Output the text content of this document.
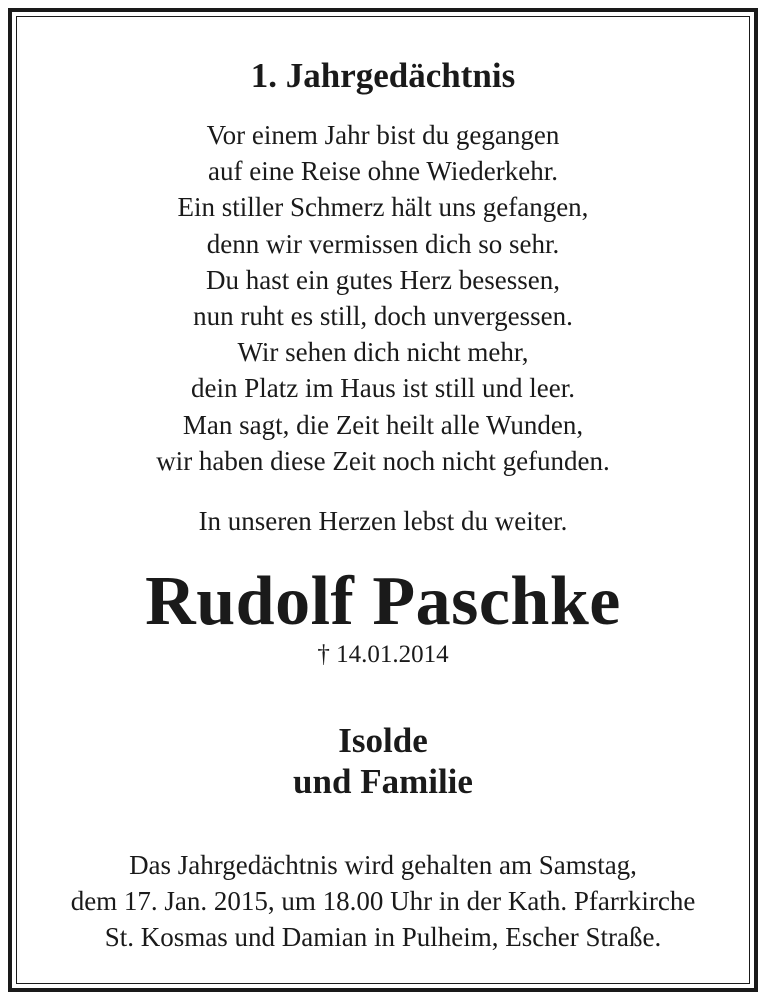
1. Jahrgedächtnis
Vor einem Jahr bist du gegangen
auf eine Reise ohne Wiederkehr.
Ein stiller Schmerz hält uns gefangen,
denn wir vermissen dich so sehr.
Du hast ein gutes Herz besessen,
nun ruht es still, doch unvergessen.
Wir sehen dich nicht mehr,
dein Platz im Haus ist still und leer.
Man sagt, die Zeit heilt alle Wunden,
wir haben diese Zeit noch nicht gefunden.
In unseren Herzen lebst du weiter.
Rudolf Paschke
† 14.01.2014
Isolde
und Familie
Das Jahrgedächtnis wird gehalten am Samstag,
dem 17. Jan. 2015, um 18.00 Uhr in der Kath. Pfarrkirche
St. Kosmas und Damian in Pulheim, Escher Straße.
